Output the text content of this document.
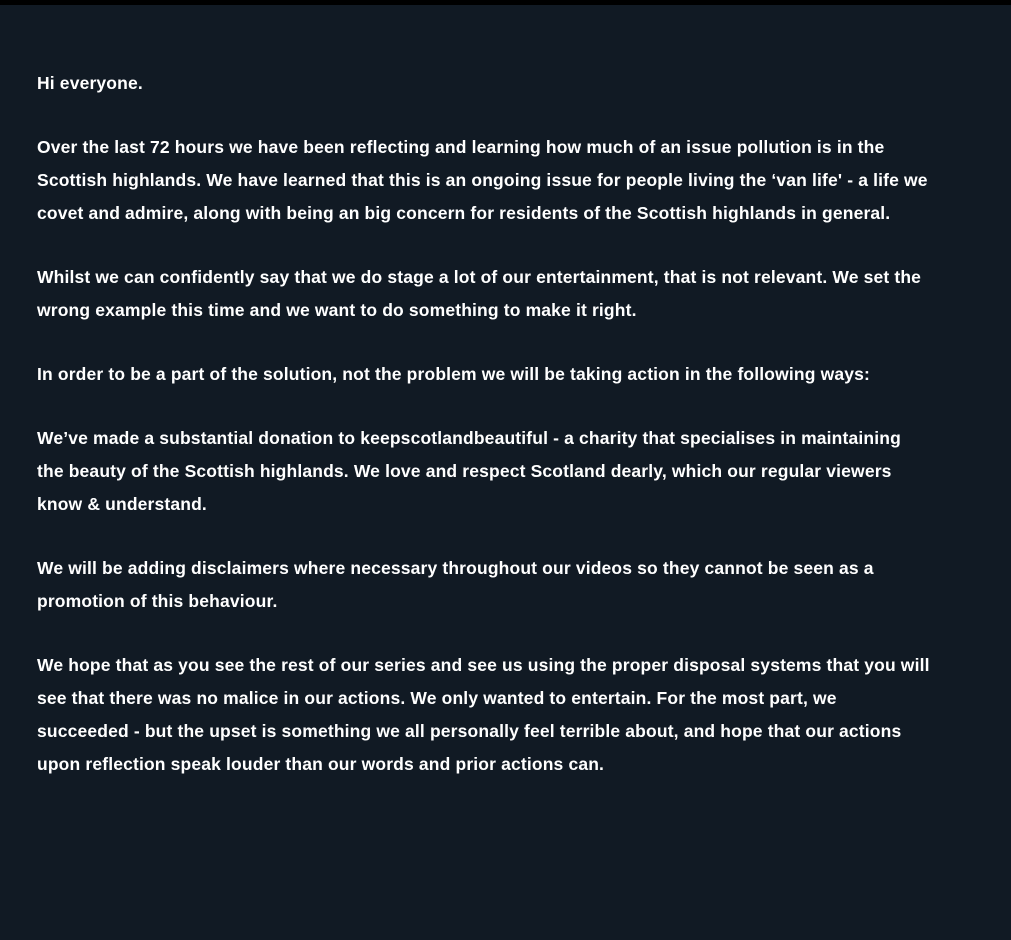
Hi everyone.

Over the last 72 hours we have been reflecting and learning how much of an issue pollution is in the Scottish highlands. We have learned that this is an ongoing issue for people living the ‘van life' - a life we covet and admire, along with being an big concern for residents of the Scottish highlands in general.

Whilst we can confidently say that we do stage a lot of our entertainment, that is not relevant. We set the wrong example this time and we want to do something to make it right.

In order to be a part of the solution, not the problem we will be taking action in the following ways:

We’ve made a substantial donation to keepscotlandbeautiful - a charity that specialises in maintaining the beauty of the Scottish highlands. We love and respect Scotland dearly, which our regular viewers know & understand.

We will be adding disclaimers where necessary throughout our videos so they cannot be seen as a promotion of this behaviour.

We hope that as you see the rest of our series and see us using the proper disposal systems that you will see that there was no malice in our actions. We only wanted to entertain. For the most part, we succeeded - but the upset is something we all personally feel terrible about, and hope that our actions upon reflection speak louder than our words and prior actions can.
